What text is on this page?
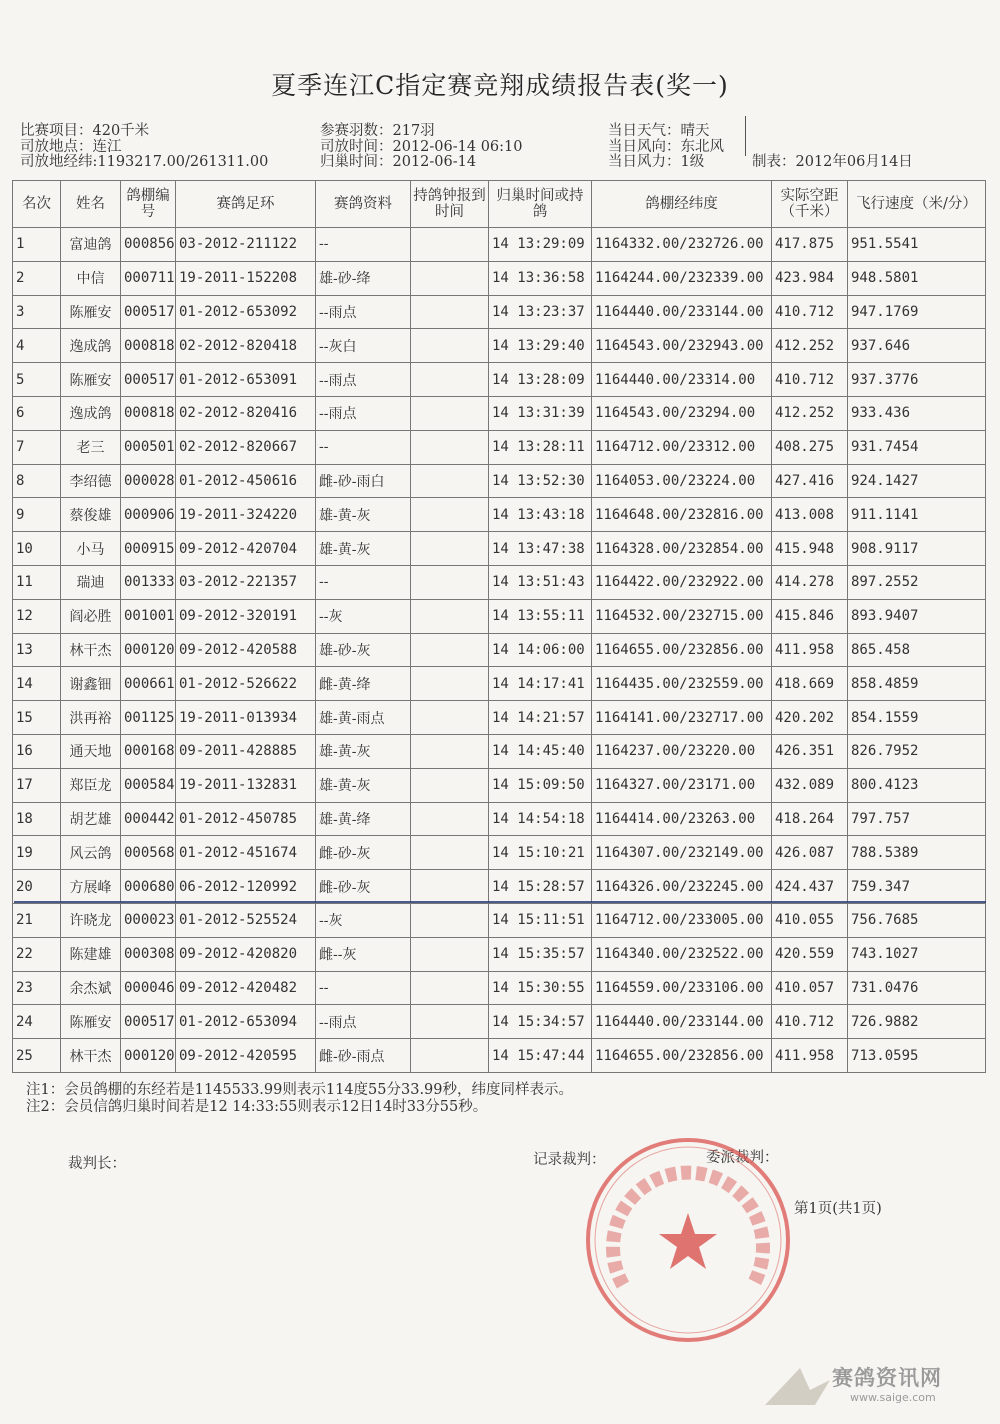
夏季连江C指定赛竞翔成绩报告表(奖一)
比赛项目：420千米
司放地点：连江
司放地经纬:1193217.00/261311.00
参赛羽数：217羽
司放时间：2012-06-14 06:10
归巢时间：2012-06-14
当日天气：晴天
当日风向：东北风
当日风力：1级	制表：2012年06月14日
名次	姓名	鸽棚编号	赛鸽足环	赛鸽资料	持鸽钟报到时间	归巢时间或持鸽	鸽棚经纬度	实际空距（千米）	飞行速度（米/分）
1	富迪鸽	000856	03-2012-211122	--		14 13:29:09	1164332.00/232726.00	417.875	951.5541
2	中信	000711	19-2011-152208	雄-砂-绛		14 13:36:58	1164244.00/232339.00	423.984	948.5801
3	陈雁安	000517	01-2012-653092	--雨点		14 13:23:37	1164440.00/233144.00	410.712	947.1769
4	逸成鸽	000818	02-2012-820418	--灰白		14 13:29:40	1164543.00/232943.00	412.252	937.646
5	陈雁安	000517	01-2012-653091	--雨点		14 13:28:09	1164440.00/23314.00	410.712	937.3776
6	逸成鸽	000818	02-2012-820416	--雨点		14 13:31:39	1164543.00/23294.00	412.252	933.436
7	老三	000501	02-2012-820667	--		14 13:28:11	1164712.00/23312.00	408.275	931.7454
8	李绍德	000028	01-2012-450616	雌-砂-雨白		14 13:52:30	1164053.00/23224.00	427.416	924.1427
9	蔡俊雄	000906	19-2011-324220	雄-黄-灰		14 13:43:18	1164648.00/232816.00	413.008	911.1141
10	小马	000915	09-2012-420704	雄-黄-灰		14 13:47:38	1164328.00/232854.00	415.948	908.9117
11	瑞迪	001333	03-2012-221357	--		14 13:51:43	1164422.00/232922.00	414.278	897.2552
12	阎必胜	001001	09-2012-320191	--灰		14 13:55:11	1164532.00/232715.00	415.846	893.9407
13	林干杰	000120	09-2012-420588	雄-砂-灰		14 14:06:00	1164655.00/232856.00	411.958	865.458
14	谢鑫钿	000661	01-2012-526622	雌-黄-绛		14 14:17:41	1164435.00/232559.00	418.669	858.4859
15	洪再裕	001125	19-2011-013934	雄-黄-雨点		14 14:21:57	1164141.00/232717.00	420.202	854.1559
16	通天地	000168	09-2011-428885	雄-黄-灰		14 14:45:40	1164237.00/23220.00	426.351	826.7952
17	郑臣龙	000584	19-2011-132831	雄-黄-灰		14 15:09:50	1164327.00/23171.00	432.089	800.4123
18	胡艺雄	000442	01-2012-450785	雄-黄-绛		14 14:54:18	1164414.00/23263.00	418.264	797.757
19	风云鸽	000568	01-2012-451674	雌-砂-灰		14 15:10:21	1164307.00/232149.00	426.087	788.5389
20	方展峰	000680	06-2012-120992	雌-砂-灰		14 15:28:57	1164326.00/232245.00	424.437	759.347
21	许晓龙	000023	01-2012-525524	--灰		14 15:11:51	1164712.00/233005.00	410.055	756.7685
22	陈建雄	000308	09-2012-420820	雌--灰		14 15:35:57	1164340.00/232522.00	420.559	743.1027
23	余杰斌	000046	09-2012-420482	--		14 15:30:55	1164559.00/233106.00	410.057	731.0476
24	陈雁安	000517	01-2012-653094	--雨点		14 15:34:57	1164440.00/233144.00	410.712	726.9882
25	林干杰	000120	09-2012-420595	雌-砂-雨点		14 15:47:44	1164655.00/232856.00	411.958	713.0595
注1：会员鸽棚的东经若是1145533.99则表示114度55分33.99秒，纬度同样表示。
注2：会员信鸽归巢时间若是12 14:33:55则表示12日14时33分55秒。
裁判长：	记录裁判：	委派裁判：
第1页(共1页)
赛鸽资讯网
www.saige.com
